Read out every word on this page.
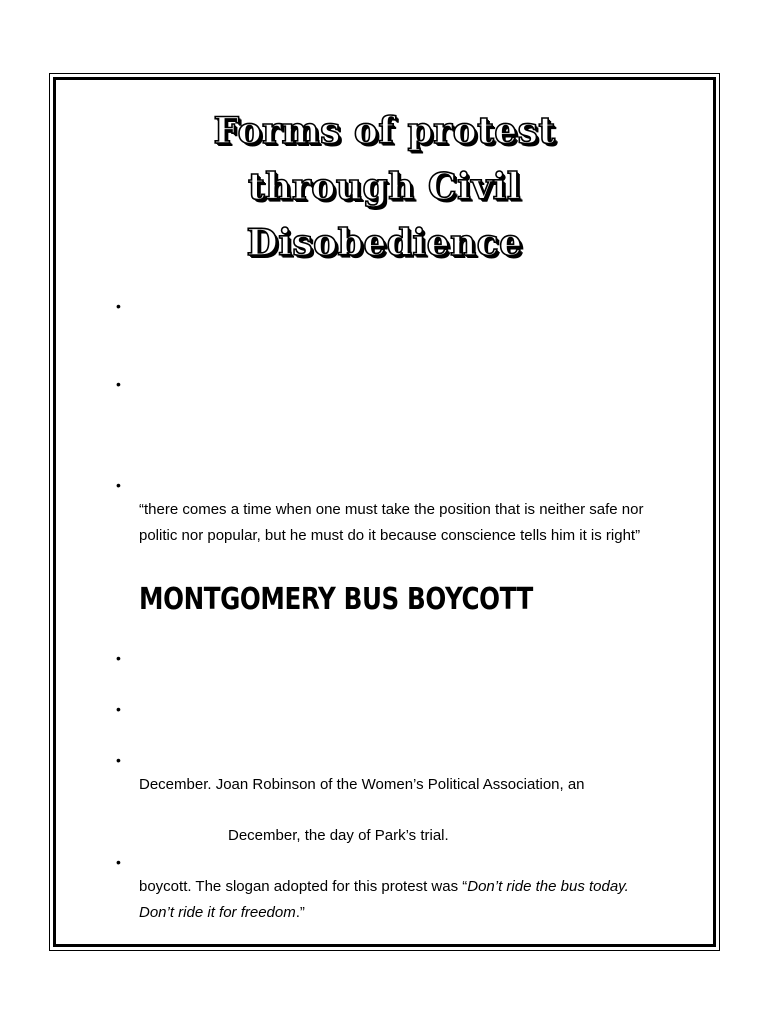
Forms of protest
through Civil
Disobedience
•
•
•
“there comes a time when one must take the position that is neither safe nor
politic nor popular, but he must do it because conscience tells him it is right”
MONTGOMERY BUS BOYCOTT
•
•
•
December. Joan Robinson of the Women’s Political Association, an
December, the day of Park’s trial.
•
boycott. The slogan adopted for this protest was “Don’t ride the bus today.
Don’t ride it for freedom.”
